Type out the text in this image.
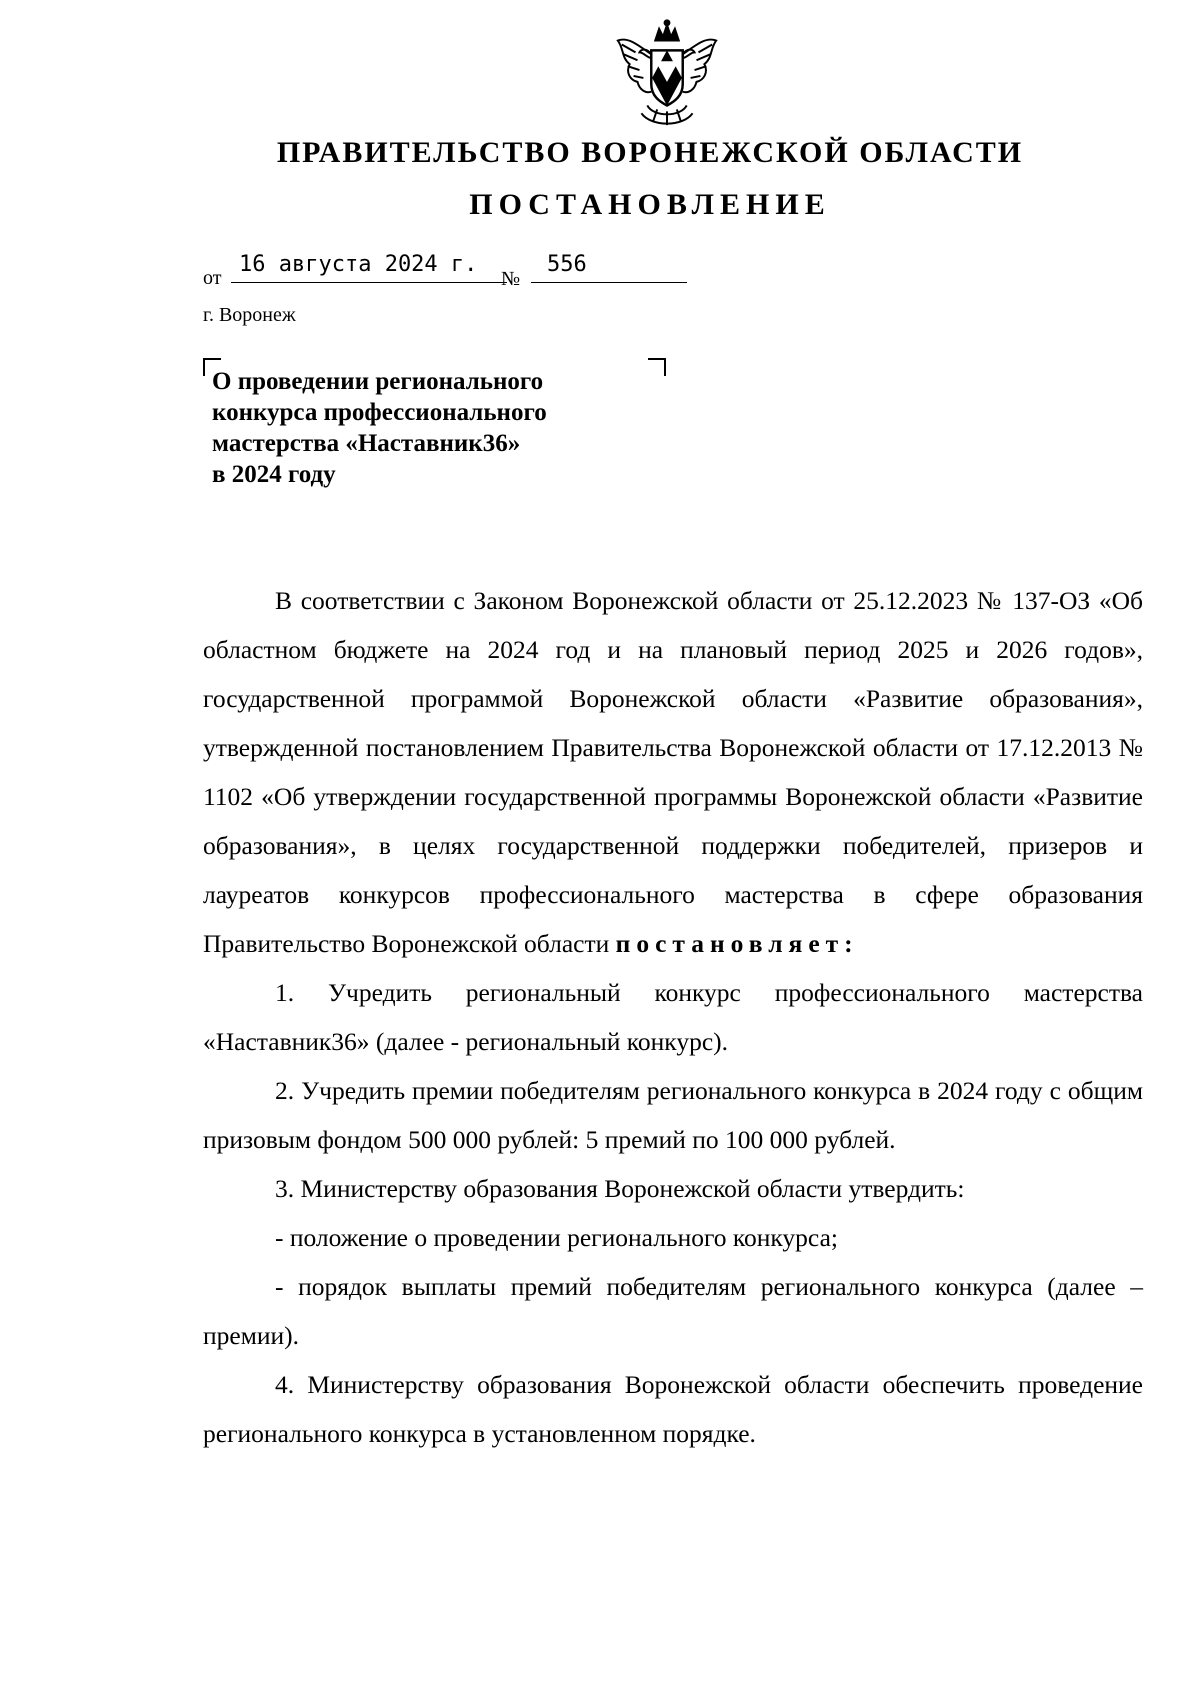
ПРАВИТЕЛЬСТВО ВОРОНЕЖСКОЙ ОБЛАСТИ
ПОСТАНОВЛЕНИЕ
от
16 августа 2024 г.
№
556
г. Воронеж
О проведении регионального
конкурса профессионального
мастерства «Наставник36»
в 2024 году

В соответствии с Законом Воронежской области от 25.12.2023 № 137-ОЗ «Об областном бюджете на 2024 год и на плановый период 2025 и 2026 годов», государственной программой Воронежской области «Развитие образования», утвержденной постановлением Правительства Воронежской области от 17.12.2013 № 1102 «Об утверждении государственной программы Воронежской области «Развитие образования», в целях государственной поддержки победителей, призеров и лауреатов конкурсов профессионального мастерства в сфере образования Правительство Воронежской области постановляет:

1. Учредить региональный конкурс профессионального мастерства «Наставник36» (далее - региональный конкурс).

2. Учредить премии победителям регионального конкурса в 2024 году с общим призовым фондом 500 000 рублей: 5 премий по 100 000 рублей.

3. Министерству образования Воронежской области утвердить:

- положение о проведении регионального конкурса;

- порядок выплаты премий победителям регионального конкурса (далее – премии).

4. Министерству образования Воронежской области обеспечить проведение регионального конкурса в установленном порядке.
